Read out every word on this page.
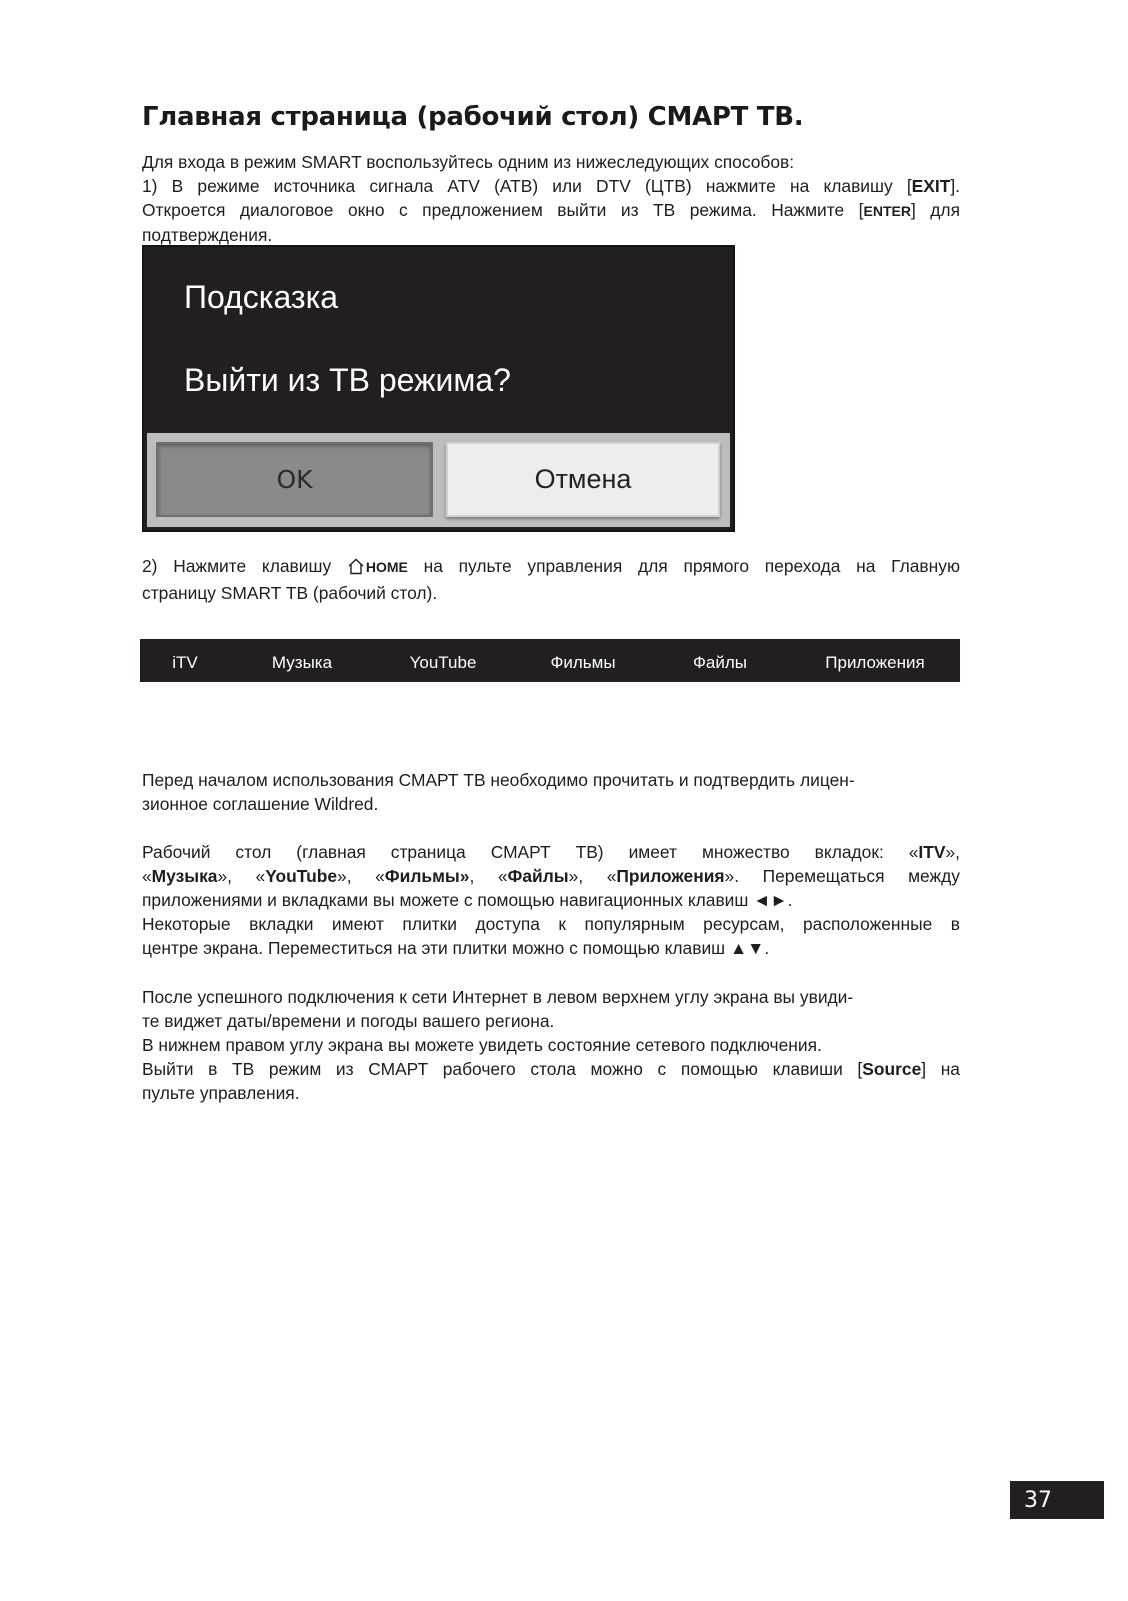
Главная страница (рабочий стол) СМАРТ ТВ.
Для входа в режим SMART воспользуйтесь одним из нижеследующих способов:
1) В режиме источника сигнала ATV (АТВ) или DTV (ЦТВ) нажмите на клавишу [EXIT].
Откроется диалоговое окно с предложением выйти из ТВ режима. Нажмите [ENTER] для
подтверждения.
Подсказка
Выйти из ТВ режима?
OK	Отмена
2) Нажмите клавишу HOME на пульте управления для прямого перехода на Главную
страницу SMART ТВ (рабочий стол).
iTV	Музыка	YouTube	Фильмы	Файлы	Приложения
Перед началом использования СМАРТ ТВ необходимо прочитать и подтвердить лицен-
зионное соглашение Wildred.
Рабочий стол (главная страница СМАРТ ТВ) имеет множество вкладок: «ITV»,
«Музыка», «YouTube», «Фильмы», «Файлы», «Приложения». Перемещаться между
приложениями и вкладками вы можете с помощью навигационных клавиш ◄►.
Некоторые вкладки имеют плитки доступа к популярным ресурсам, расположенные в
центре экрана. Переместиться на эти плитки можно с помощью клавиш ▲▼.
После успешного подключения к сети Интернет в левом верхнем углу экрана вы увиди-
те виджет даты/времени и погоды вашего региона.
В нижнем правом углу экрана вы можете увидеть состояние сетевого подключения.
Выйти в ТВ режим из СМАРТ рабочего стола можно с помощью клавиши [Source] на
пульте управления.
37
